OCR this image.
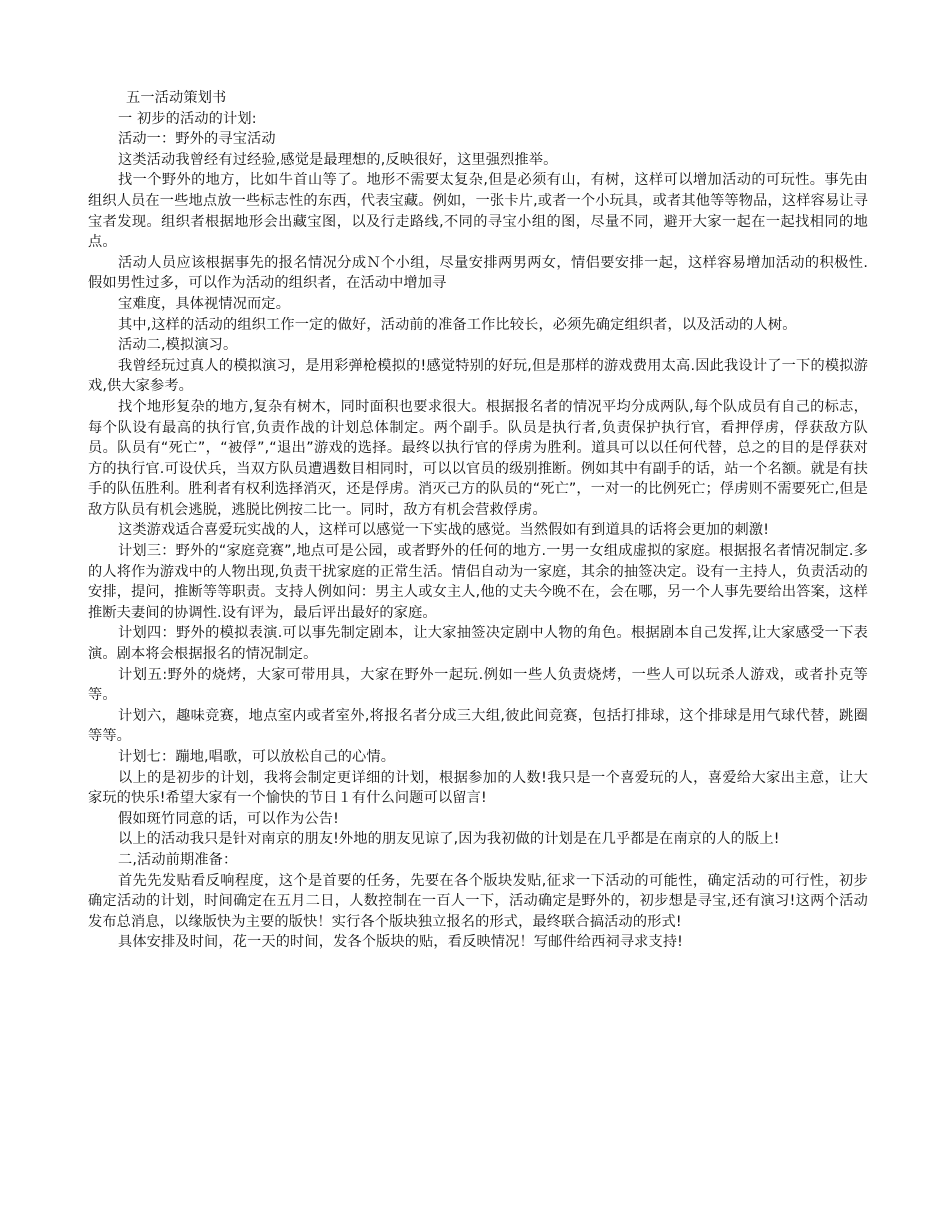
五一活动策划书

一 初步的活动的计划:

活动一：野外的寻宝活动

这类活动我曾经有过经验,感觉是最理想的,反映很好，这里强烈推举。

找一个野外的地方，比如牛首山等了。地形不需要太复杂,但是必须有山，有树，这样可以增加活动的可玩性。事先由组织人员在一些地点放一些标志性的东西，代表宝藏。例如，一张卡片,或者一个小玩具，或者其他等等物品，这样容易让寻宝者发现。组织者根据地形会出藏宝图，以及行走路线,不同的寻宝小组的图，尽量不同，避开大家一起在一起找相同的地点。

活动人员应该根据事先的报名情况分成Ｎ个小组，尽量安排两男两女，情侣要安排一起，这样容易增加活动的积极性.假如男性过多，可以作为活动的组织者，在活动中增加寻

宝难度，具体视情况而定。

其中,这样的活动的组织工作一定的做好，活动前的准备工作比较长，必须先确定组织者，以及活动的人树。

活动二,模拟演习。

我曾经玩过真人的模拟演习，是用彩弹枪模拟的!感觉特别的好玩,但是那样的游戏费用太高.因此我设计了一下的模拟游戏,供大家参考。

找个地形复杂的地方,复杂有树木，同时面积也要求很大。根据报名者的情况平均分成两队,每个队成员有自己的标志，每个队设有最高的执行官,负责作战的计划总体制定。两个副手。队员是执行者,负责保护执行官，看押俘虏，俘获敌方队员。队员有“死亡”，“被俘”,“退出”游戏的选择。最终以执行官的俘虏为胜利。道具可以以任何代替，总之的目的是俘获对方的执行官.可设伏兵，当双方队员遭遇数目相同时，可以以官员的级别推断。例如其中有副手的话，站一个名额。就是有扶手的队伍胜利。胜利者有权利选择消灭，还是俘虏。消灭己方的队员的“死亡”，一对一的比例死亡；俘虏则不需要死亡,但是敌方队员有机会逃脱，逃脱比例按二比一。同时，敌方有机会营救俘虏。

这类游戏适合喜爱玩实战的人，这样可以感觉一下实战的感觉。当然假如有到道具的话将会更加的刺激!

计划三：野外的“家庭竞赛”,地点可是公园，或者野外的任何的地方.一男一女组成虚拟的家庭。根据报名者情况制定.多的人将作为游戏中的人物出现,负责干扰家庭的正常生活。情侣自动为一家庭，其余的抽签决定。设有一主持人，负责活动的安排，提问，推断等等职责。支持人例如问：男主人或女主人,他的丈夫今晚不在，会在哪，另一个人事先要给出答案，这样推断夫妻间的协调性.设有评为，最后评出最好的家庭。

计划四：野外的模拟表演.可以事先制定剧本，让大家抽签决定剧中人物的角色。根据剧本自己发挥,让大家感受一下表演。剧本将会根据报名的情况制定。

计划五:野外的烧烤，大家可带用具，大家在野外一起玩.例如一些人负责烧烤，一些人可以玩杀人游戏，或者扑克等等。

计划六，趣味竞赛，地点室内或者室外,将报名者分成三大组,彼此间竞赛，包括打排球，这个排球是用气球代替，跳圈等等。

计划七：蹦地,唱歌，可以放松自己的心情。

以上的是初步的计划，我将会制定更详细的计划，根据参加的人数!我只是一个喜爱玩的人，喜爱给大家出主意，让大家玩的快乐!希望大家有一个愉快的节日１有什么问题可以留言!

假如斑竹同意的话，可以作为公告!

以上的活动我只是针对南京的朋友!外地的朋友见谅了,因为我初做的计划是在几乎都是在南京的人的版上!

二,活动前期准备：

首先先发贴看反响程度，这个是首要的任务，先要在各个版块发贴,征求一下活动的可能性，确定活动的可行性，初步确定活动的计划，时间确定在五月二日，人数控制在一百人一下，活动确定是野外的，初步想是寻宝,还有演习!这两个活动发布总消息，以缘版快为主要的版快！实行各个版块独立报名的形式，最终联合搞活动的形式!

具体安排及时间，花一天的时间，发各个版块的贴，看反映情况！写邮件给西祠寻求支持!
